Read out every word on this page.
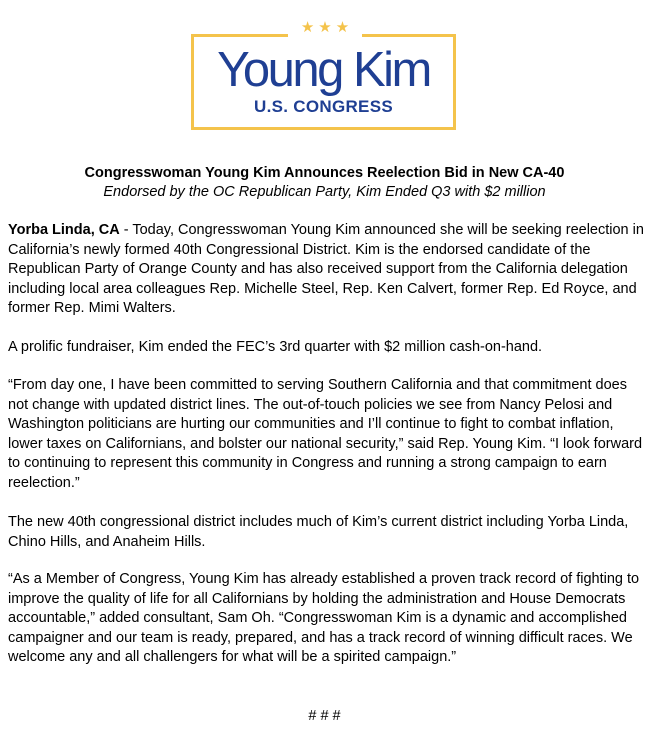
★★★
Young Kim
U.S. CONGRESS
Congresswoman Young Kim Announces Reelection Bid in New CA-40
Endorsed by the OC Republican Party, Kim Ended Q3 with $2 million

Yorba Linda, CA - Today, Congresswoman Young Kim announced she will be seeking reelection in California’s newly formed 40th Congressional District. Kim is the endorsed candidate of the Republican Party of Orange County and has also received support from the California delegation including local area colleagues Rep. Michelle Steel, Rep. Ken Calvert, former Rep. Ed Royce, and former Rep. Mimi Walters.

A prolific fundraiser, Kim ended the FEC’s 3rd quarter with $2 million cash-on-hand.

“From day one, I have been committed to serving Southern California and that commitment does not change with updated district lines. The out-of-touch policies we see from Nancy Pelosi and Washington politicians are hurting our communities and I’ll continue to fight to combat inflation, lower taxes on Californians, and bolster our national security,” said Rep. Young Kim. “I look forward to continuing to represent this community in Congress and running a strong campaign to earn reelection.”

The new 40th congressional district includes much of Kim’s current district including Yorba Linda, Chino Hills, and Anaheim Hills.

“As a Member of Congress, Young Kim has already established a proven track record of fighting to improve the quality of life for all Californians by holding the administration and House Democrats accountable,” added consultant, Sam Oh. “Congresswoman Kim is a dynamic and accomplished campaigner and our team is ready, prepared, and has a track record of winning difficult races. We welcome any and all challengers for what will be a spirited campaign.”

# # #
